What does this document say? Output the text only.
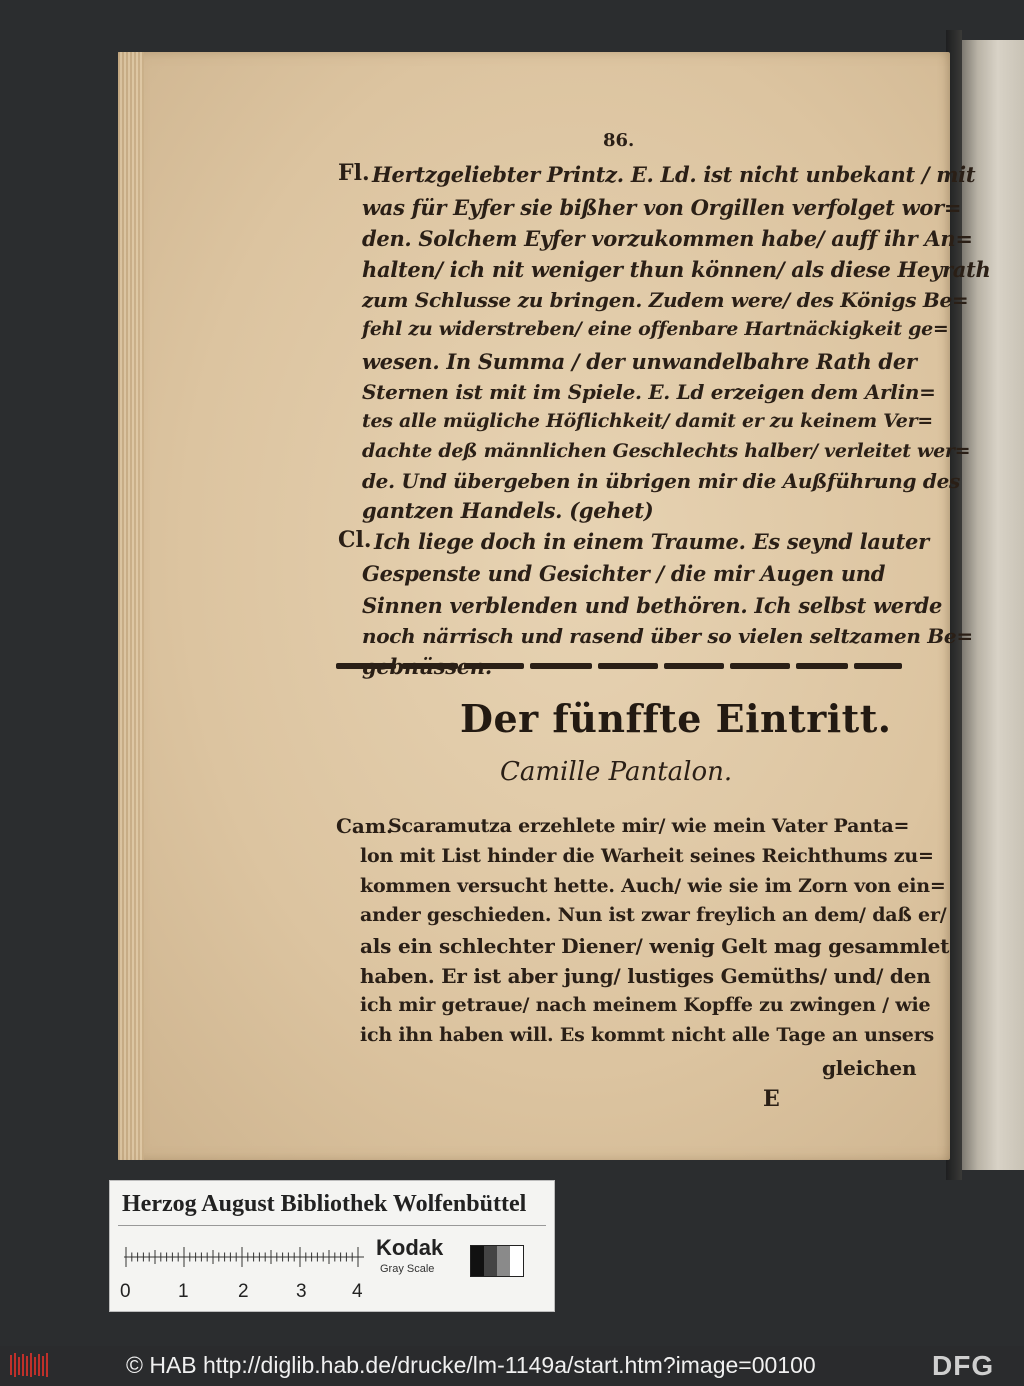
86.
Fl. Hertzgeliebter Printz. E. Ld. ist nicht unbekant / mit
was für Eyfer sie bißher von Orgillen verfolget wor=
den. Solchem Eyfer vorzukommen habe/ auff ihr An=
halten/ ich nit weniger thun können/ als diese Heyrath
zum Schlusse zu bringen. Zudem were/ des Königs Be=
fehl zu widerstreben/ eine offenbare Hartnäckigkeit ge=
wesen. In Summa / der unwandelbahre Rath der
Sternen ist mit im Spiele. E. Ld erzeigen dem Arlin=
tes alle mügliche Höflichkeit/ damit er zu keinem Ver=
dachte deß männlichen Geschlechts halber/ verleitet wer=
de. Und übergeben in übrigen mir die Außführung des
gantzen Handels. (gehet)
Cl. Ich liege doch in einem Traume. Es seynd lauter
Gespenste und Gesichter / die mir Augen und
Sinnen verblenden und bethören. Ich selbst werde
noch närrisch und rasend über so vielen seltzamen Be=
Der fünffte Eintritt.
Camille Pantalon.
Cam.
Scaramutza erzehlete mir/ wie mein Vater Panta=
lon mit List hinder die Warheit seines Reichthums zu=
kommen versucht hette. Auch/ wie sie im Zorn von ein=
ander geschieden. Nun ist zwar freylich an dem/ daß er/
als ein schlechter Diener/ wenig Gelt mag gesammlet
haben. Er ist aber jung/ lustiges Gemüths/ und/ den
ich mir getraue/ nach meinem Kopffe zu zwingen / wie
ich ihn haben will. Es kommt nicht alle Tage an unsers
gleichen
E
Herzog August Bibliothek Wolfenbüttel
0 1	2 3 4
Kodak
Gray Scale
© HAB http://diglib.hab.de/drucke/lm-1149a/start.htm?image=00100	DFG
